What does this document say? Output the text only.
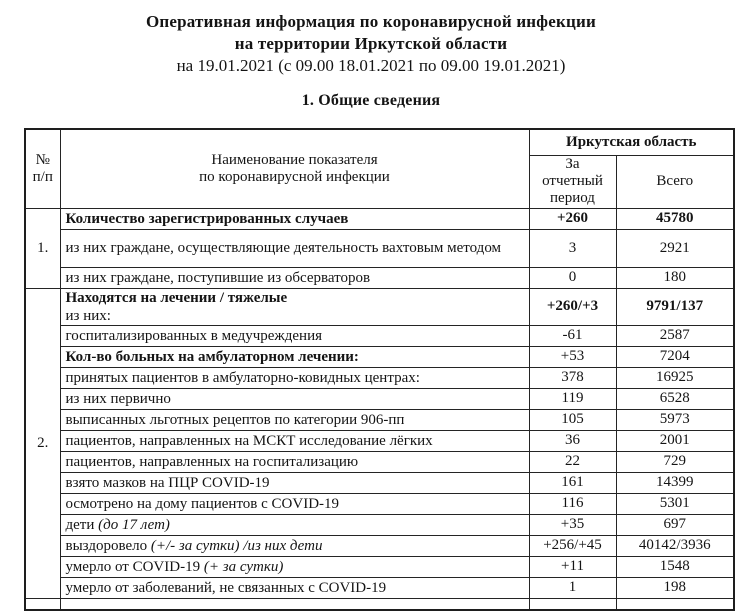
Оперативная информация по коронавирусной инфекции
на территории Иркутской области
на 19.01.2021 (с 09.00 18.01.2021 по 09.00 19.01.2021)
1. Общие сведения
№
п/п

Наименование показателя
по коронавирусной инфекции
	Иркутская область

		За
отчетный
период	Всего
1.	Количество зарегистрированных случаев	+260	45780
	из них граждане, осуществляющие деятельность вахтовым методом	3	2921
	из них граждане, поступившие из обсерваторов	0	180
2.	Находятся на лечении / тяжелые
из них:	+260/+3	9791/137
	госпитализированных в медучреждения	-61	2587
	Кол-во больных на амбулаторном лечении:	+53	7204
	принятых пациентов в амбулаторно-ковидных центрах:	378	16925
	из них первично	119	6528
	выписанных льготных рецептов по категории 906-пп	105	5973
	пациентов, направленных на МСКТ исследование лёгких	36	2001
	пациентов, направленных на госпитализацию	22	729
	взято мазков на ПЦР COVID-19	161	14399
	осмотрено на дому пациентов с COVID-19	116	5301
	дети (до 17 лет)	+35	697
	выздоровело (+/- за сутки) /из них дети	+256/+45	40142/3936
	умерло от COVID-19 (+ за сутки)	+11	1548
	умерло от заболеваний, не связанных с COVID-19	1	198
